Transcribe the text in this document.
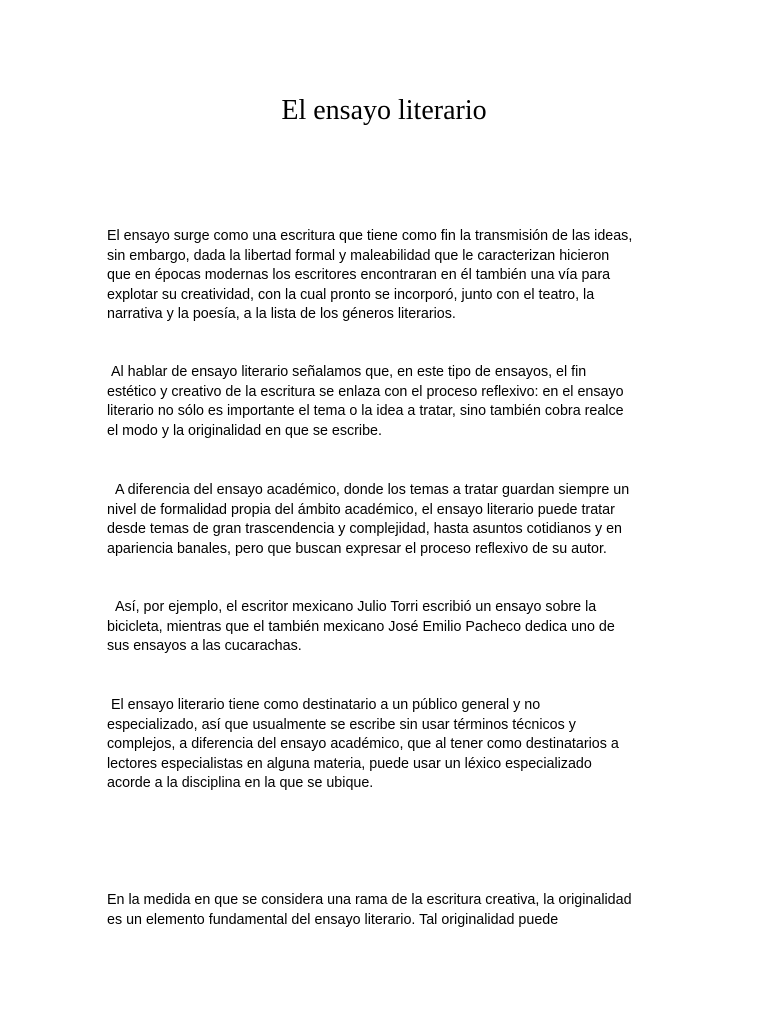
El ensayo literario

El ensayo surge como una escritura que tiene como fin la transmisión de las ideas,
sin embargo, dada la libertad formal y maleabilidad que le caracterizan hicieron
que en épocas modernas los escritores encontraran en él también una vía para
explotar su creatividad, con la cual pronto se incorporó, junto con el teatro, la
narrativa y la poesía, a la lista de los géneros literarios.

Al hablar de ensayo literario señalamos que, en este tipo de ensayos, el fin
estético y creativo de la escritura se enlaza con el proceso reflexivo: en el ensayo
literario no sólo es importante el tema o la idea a tratar, sino también cobra realce
el modo y la originalidad en que se escribe.

A diferencia del ensayo académico, donde los temas a tratar guardan siempre un
nivel de formalidad propia del ámbito académico, el ensayo literario puede tratar
desde temas de gran trascendencia y complejidad, hasta asuntos cotidianos y en
apariencia banales, pero que buscan expresar el proceso reflexivo de su autor.

Así, por ejemplo, el escritor mexicano Julio Torri escribió un ensayo sobre la
bicicleta, mientras que el también mexicano José Emilio Pacheco dedica uno de
sus ensayos a las cucarachas.

El ensayo literario tiene como destinatario a un público general y no
especializado, así que usualmente se escribe sin usar términos técnicos y
complejos, a diferencia del ensayo académico, que al tener como destinatarios a
lectores especialistas en alguna materia, puede usar un léxico especializado
acorde a la disciplina en la que se ubique.

En la medida en que se considera una rama de la escritura creativa, la originalidad
es un elemento fundamental del ensayo literario. Tal originalidad puede
